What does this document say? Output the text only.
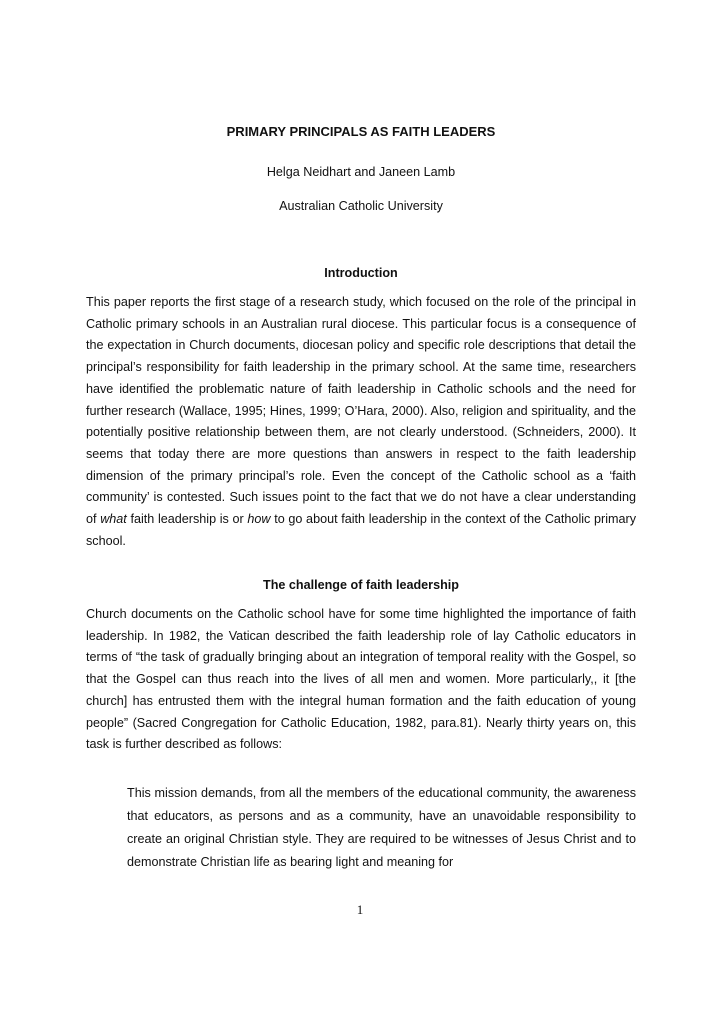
PRIMARY PRINCIPALS AS FAITH LEADERS

Helga Neidhart and Janeen Lamb

Australian Catholic University

Introduction

This paper reports the first stage of a research study, which focused on the role of the principal in Catholic primary schools in an Australian rural diocese. This particular focus is a consequence of the expectation in Church documents, diocesan policy and specific role descriptions that detail the principal’s responsibility for faith leadership in the primary school. At the same time, researchers have identified the problematic nature of faith leadership in Catholic schools and the need for further research (Wallace, 1995; Hines, 1999; O’Hara, 2000). Also, religion and spirituality, and the potentially positive relationship between them, are not clearly understood. (Schneiders, 2000). It seems that today there are more questions than answers in respect to the faith leadership dimension of the primary principal’s role. Even the concept of the Catholic school as a ‘faith community’ is contested. Such issues point to the fact that we do not have a clear understanding of what faith leadership is or how to go about faith leadership in the context of the Catholic primary school.

The challenge of faith leadership

Church documents on the Catholic school have for some time highlighted the importance of faith leadership. In 1982, the Vatican described the faith leadership role of lay Catholic educators in terms of “the task of gradually bringing about an integration of temporal reality with the Gospel, so that the Gospel can thus reach into the lives of all men and women. More particularly,, it [the church] has entrusted them with the integral human formation and the faith education of young people” (Sacred Congregation for Catholic Education, 1982, para.81). Nearly thirty years on, this task is further described as follows:

This mission demands, from all the members of the educational community, the awareness that educators, as persons and as a community, have an unavoidable responsibility to create an original Christian style. They are required to be witnesses of Jesus Christ and to demonstrate Christian life as bearing light and meaning for

1
